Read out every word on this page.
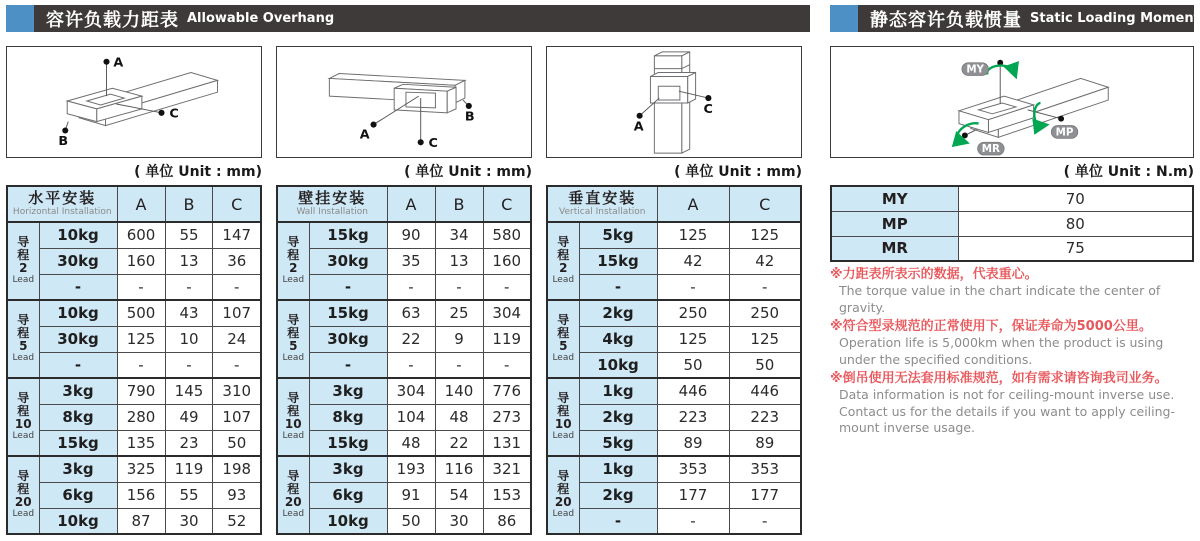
容许负载力距表 Allowable Overhang	静态容许负载惯量 Static Loading Moment
A
B
C
A
B
C
A
C
MY
MP
MR
( 单位 Unit : mm)	( 单位 Unit : mm)	( 单位 Unit : mm)	( 单位 Unit : N.m)
水平安装
Horizontal Installation		A	B	C

导
程
2
Lead	10kg	600	55	147
	30kg	160	13	36
	-	-	-	-

导
程
5
Lead	10kg	500	43	107
	30kg	125	10	24
	-	-	-	-

导
程
10
Lead	3kg	790	145	310
	8kg	280	49	107
	15kg	135	23	50

导
程
20
Lead	3kg	325	119	198
	6kg	156	55	93
	10kg	87	30	52
壁挂安装
Wall Installation		A	B	C

导
程
2
Lead	15kg	90	34	580
	30kg	35	13	160
	-	-	-	-

导
程
5
Lead	15kg	63	25	304
	30kg	22	9	119
	-	-	-	-

导
程
10
Lead	3kg	304	140	776
	8kg	104	48	273
	15kg	48	22	131

导
程
20
Lead	3kg	193	116	321
	6kg	91	54	153
	10kg	50	30	86
垂直安装
Vertical Installation		A	C

导
程
2
Lead	5kg	125	125
	15kg	42	42
	-	-	-

导
程
5
Lead	2kg	250	250
	4kg	125	125
	10kg	50	50

导
程
10
Lead	1kg	446	446
	2kg	223	223
	5kg	89	89

导
程
20
Lead	1kg	353	353
	2kg	177	177
	-	-	-
MY	70
MP	80
MR	75
※力距表所表示的数据，代表重心。
The torque value in the chart indicate the center of gravity.
※符合型录规范的正常使用下，保证寿命为5000公里。
Operation life is 5,000km when the product is using under the specified conditions.
※倒吊使用无法套用标准规范，如有需求请咨询我司业务。
Data information is not for ceiling-mount inverse use. Contact us for the details if you want to apply ceiling-mount inverse usage.
